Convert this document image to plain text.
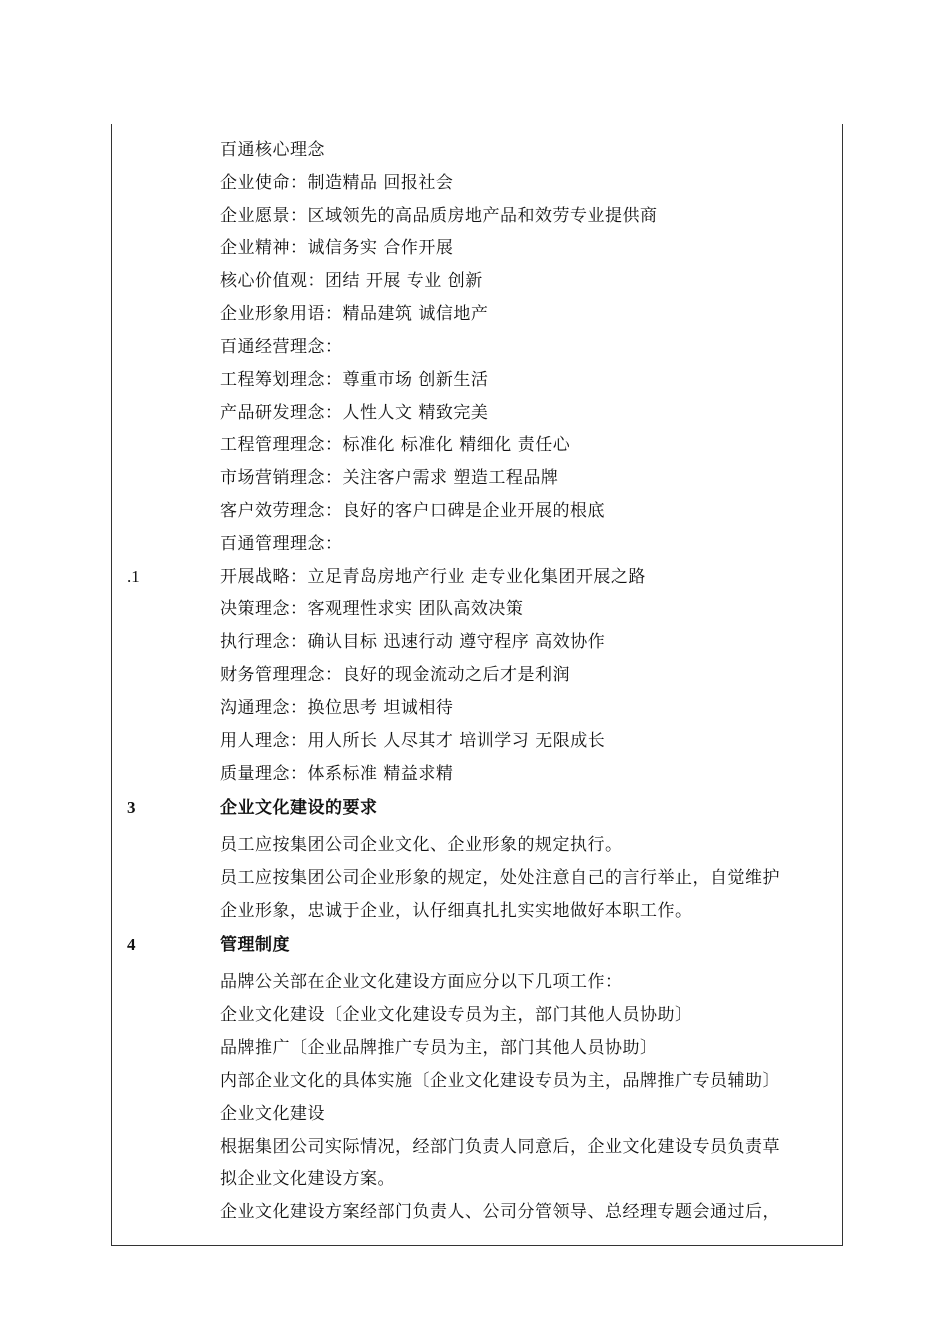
百通核心理念
企业使命：制造精品 回报社会
企业愿景：区域领先的高品质房地产品和效劳专业提供商
企业精神：诚信务实 合作开展
核心价值观：团结 开展 专业 创新
企业形象用语：精品建筑 诚信地产
百通经营理念：
工程筹划理念：尊重市场 创新生活
产品研发理念：人性人文 精致完美
工程管理理念：标准化 标准化 精细化 责任心
市场营销理念：关注客户需求 塑造工程品牌
客户效劳理念：良好的客户口碑是企业开展的根底
百通管理理念：
.1	开展战略：立足青岛房地产行业 走专业化集团开展之路
决策理念：客观理性求实 团队高效决策
执行理念：确认目标 迅速行动 遵守程序 高效协作
财务管理理念：良好的现金流动之后才是利润
沟通理念：换位思考 坦诚相待
用人理念：用人所长 人尽其才 培训学习 无限成长
质量理念：体系标准 精益求精
3	企业文化建设的要求
员工应按集团公司企业文化、企业形象的规定执行。
员工应按集团公司企业形象的规定，处处注意自己的言行举止，自觉维护
企业形象，忠诚于企业，认仔细真扎扎实实地做好本职工作。
4	管理制度
品牌公关部在企业文化建设方面应分以下几项工作：
企业文化建设〔企业文化建设专员为主，部门其他人员协助〕
品牌推广〔企业品牌推广专员为主，部门其他人员协助〕
内部企业文化的具体实施〔企业文化建设专员为主，品牌推广专员辅助〕
企业文化建设
根据集团公司实际情况，经部门负责人同意后，企业文化建设专员负责草
拟企业文化建设方案。
企业文化建设方案经部门负责人、公司分管领导、总经理专题会通过后，
